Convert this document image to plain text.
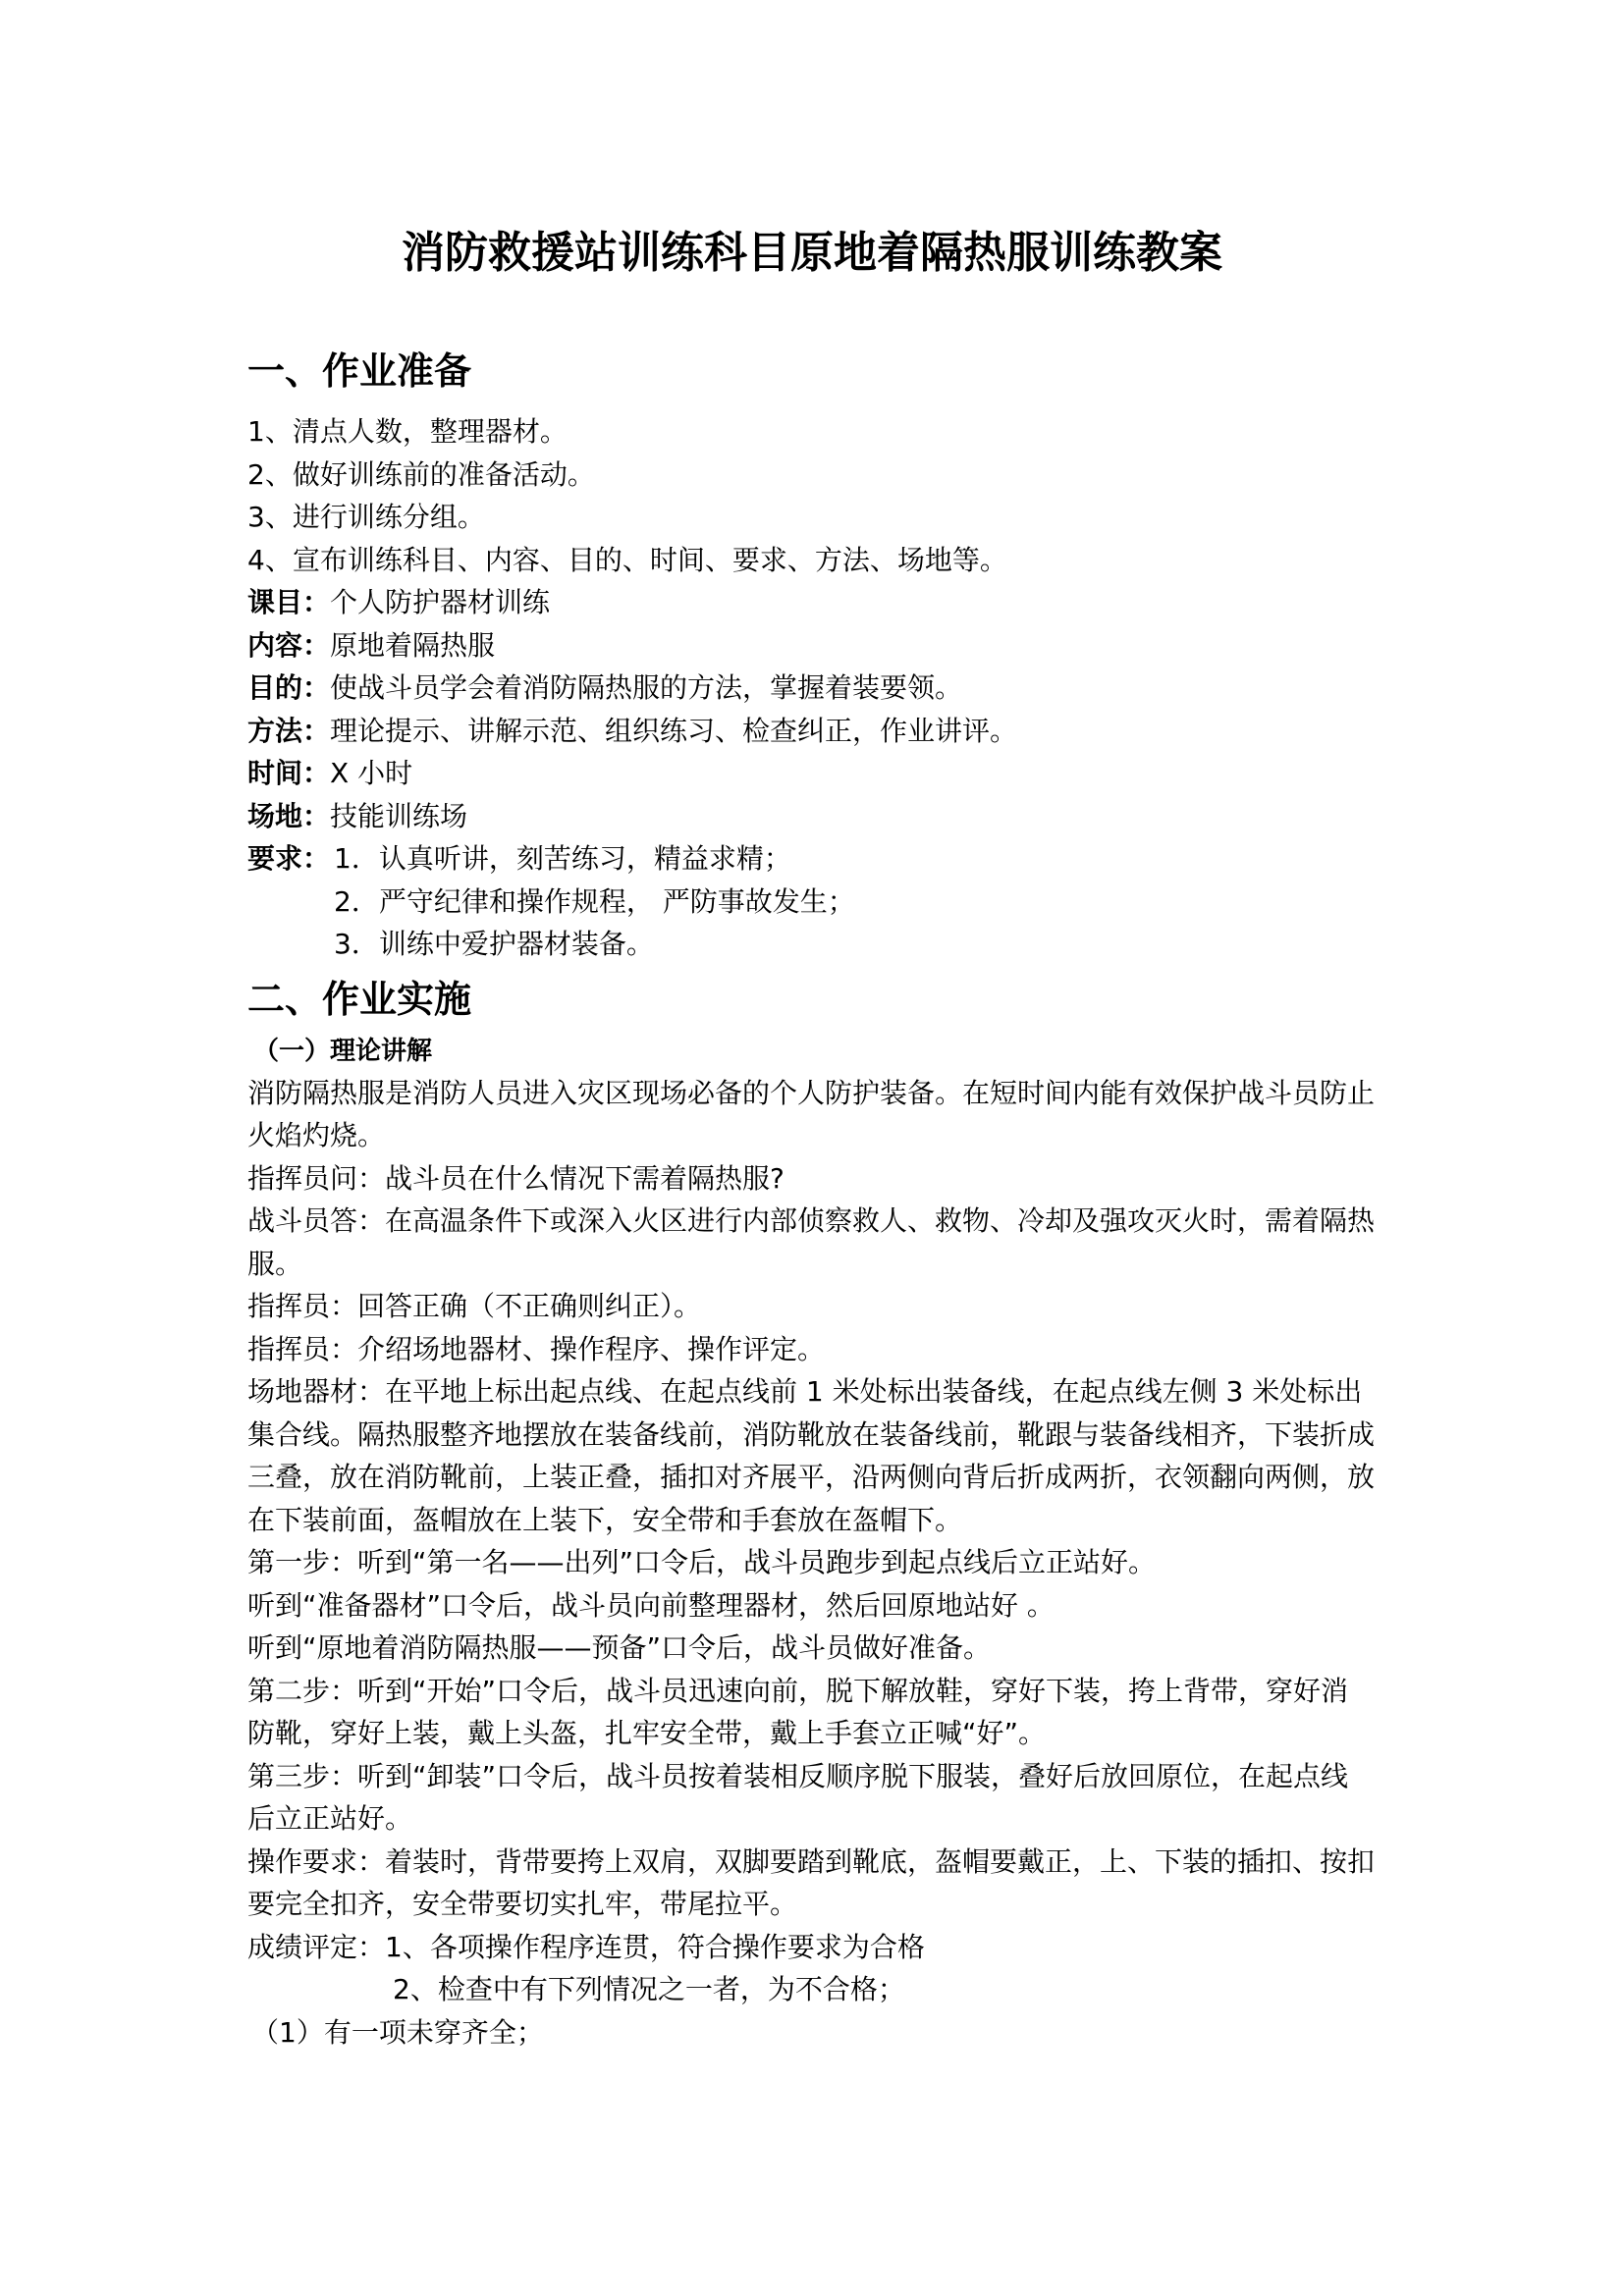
消防救援站训练科目原地着隔热服训练教案
一、作业准备
1、清点人数，整理器材。
2、做好训练前的准备活动。
3、进行训练分组。
4、宣布训练科目、内容、目的、时间、要求、方法、场地等。
课目：个人防护器材训练
内容：原地着隔热服
目的：使战斗员学会着消防隔热服的方法，掌握着装要领。
方法：理论提示、讲解示范、组织练习、检查纠正，作业讲评。
时间：X 小时
场地：技能训练场
要求： 1．认真听讲，刻苦练习，精益求精；
2．严守纪律和操作规程， 严防事故发生；
3．训练中爱护器材装备。
二、作业实施
（一）理论讲解
消防隔热服是消防人员进入灾区现场必备的个人防护装备。在短时间内能有效保护战斗员防止火焰灼烧。
指挥员问：战斗员在什么情况下需着隔热服?
战斗员答：在高温条件下或深入火区进行内部侦察救人、救物、冷却及强攻灭火时，需着隔热服。
指挥员：回答正确（不正确则纠正）。
指挥员：介绍场地器材、操作程序、操作评定。
场地器材：在平地上标出起点线、在起点线前 1 米处标出装备线，在起点线左侧 3 米处标出集合线。隔热服整齐地摆放在装备线前，消防靴放在装备线前，靴跟与装备线相齐，下装折成三叠，放在消防靴前，上装正叠，插扣对齐展平，沿两侧向背后折成两折，衣领翻向两侧，放在下装前面，盔帽放在上装下，安全带和手套放在盔帽下。
第一步：听到“第一名——出列”口令后，战斗员跑步到起点线后立正站好。
听到“准备器材”口令后，战斗员向前整理器材，然后回原地站好 。
听到“原地着消防隔热服——预备”口令后，战斗员做好准备。
第二步：听到“开始”口令后，战斗员迅速向前，脱下解放鞋，穿好下装，挎上背带，穿好消防靴，穿好上装，戴上头盔，扎牢安全带，戴上手套立正喊“好”。
第三步：听到“卸装”口令后，战斗员按着装相反顺序脱下服装，叠好后放回原位，在起点线后立正站好。
操作要求：着装时，背带要挎上双肩，双脚要踏到靴底，盔帽要戴正，上、下装的插扣、按扣要完全扣齐，安全带要切实扎牢，带尾拉平。
成绩评定：1、各项操作程序连贯，符合操作要求为合格
2、检查中有下列情况之一者，为不合格；
（1）有一项未穿齐全；
